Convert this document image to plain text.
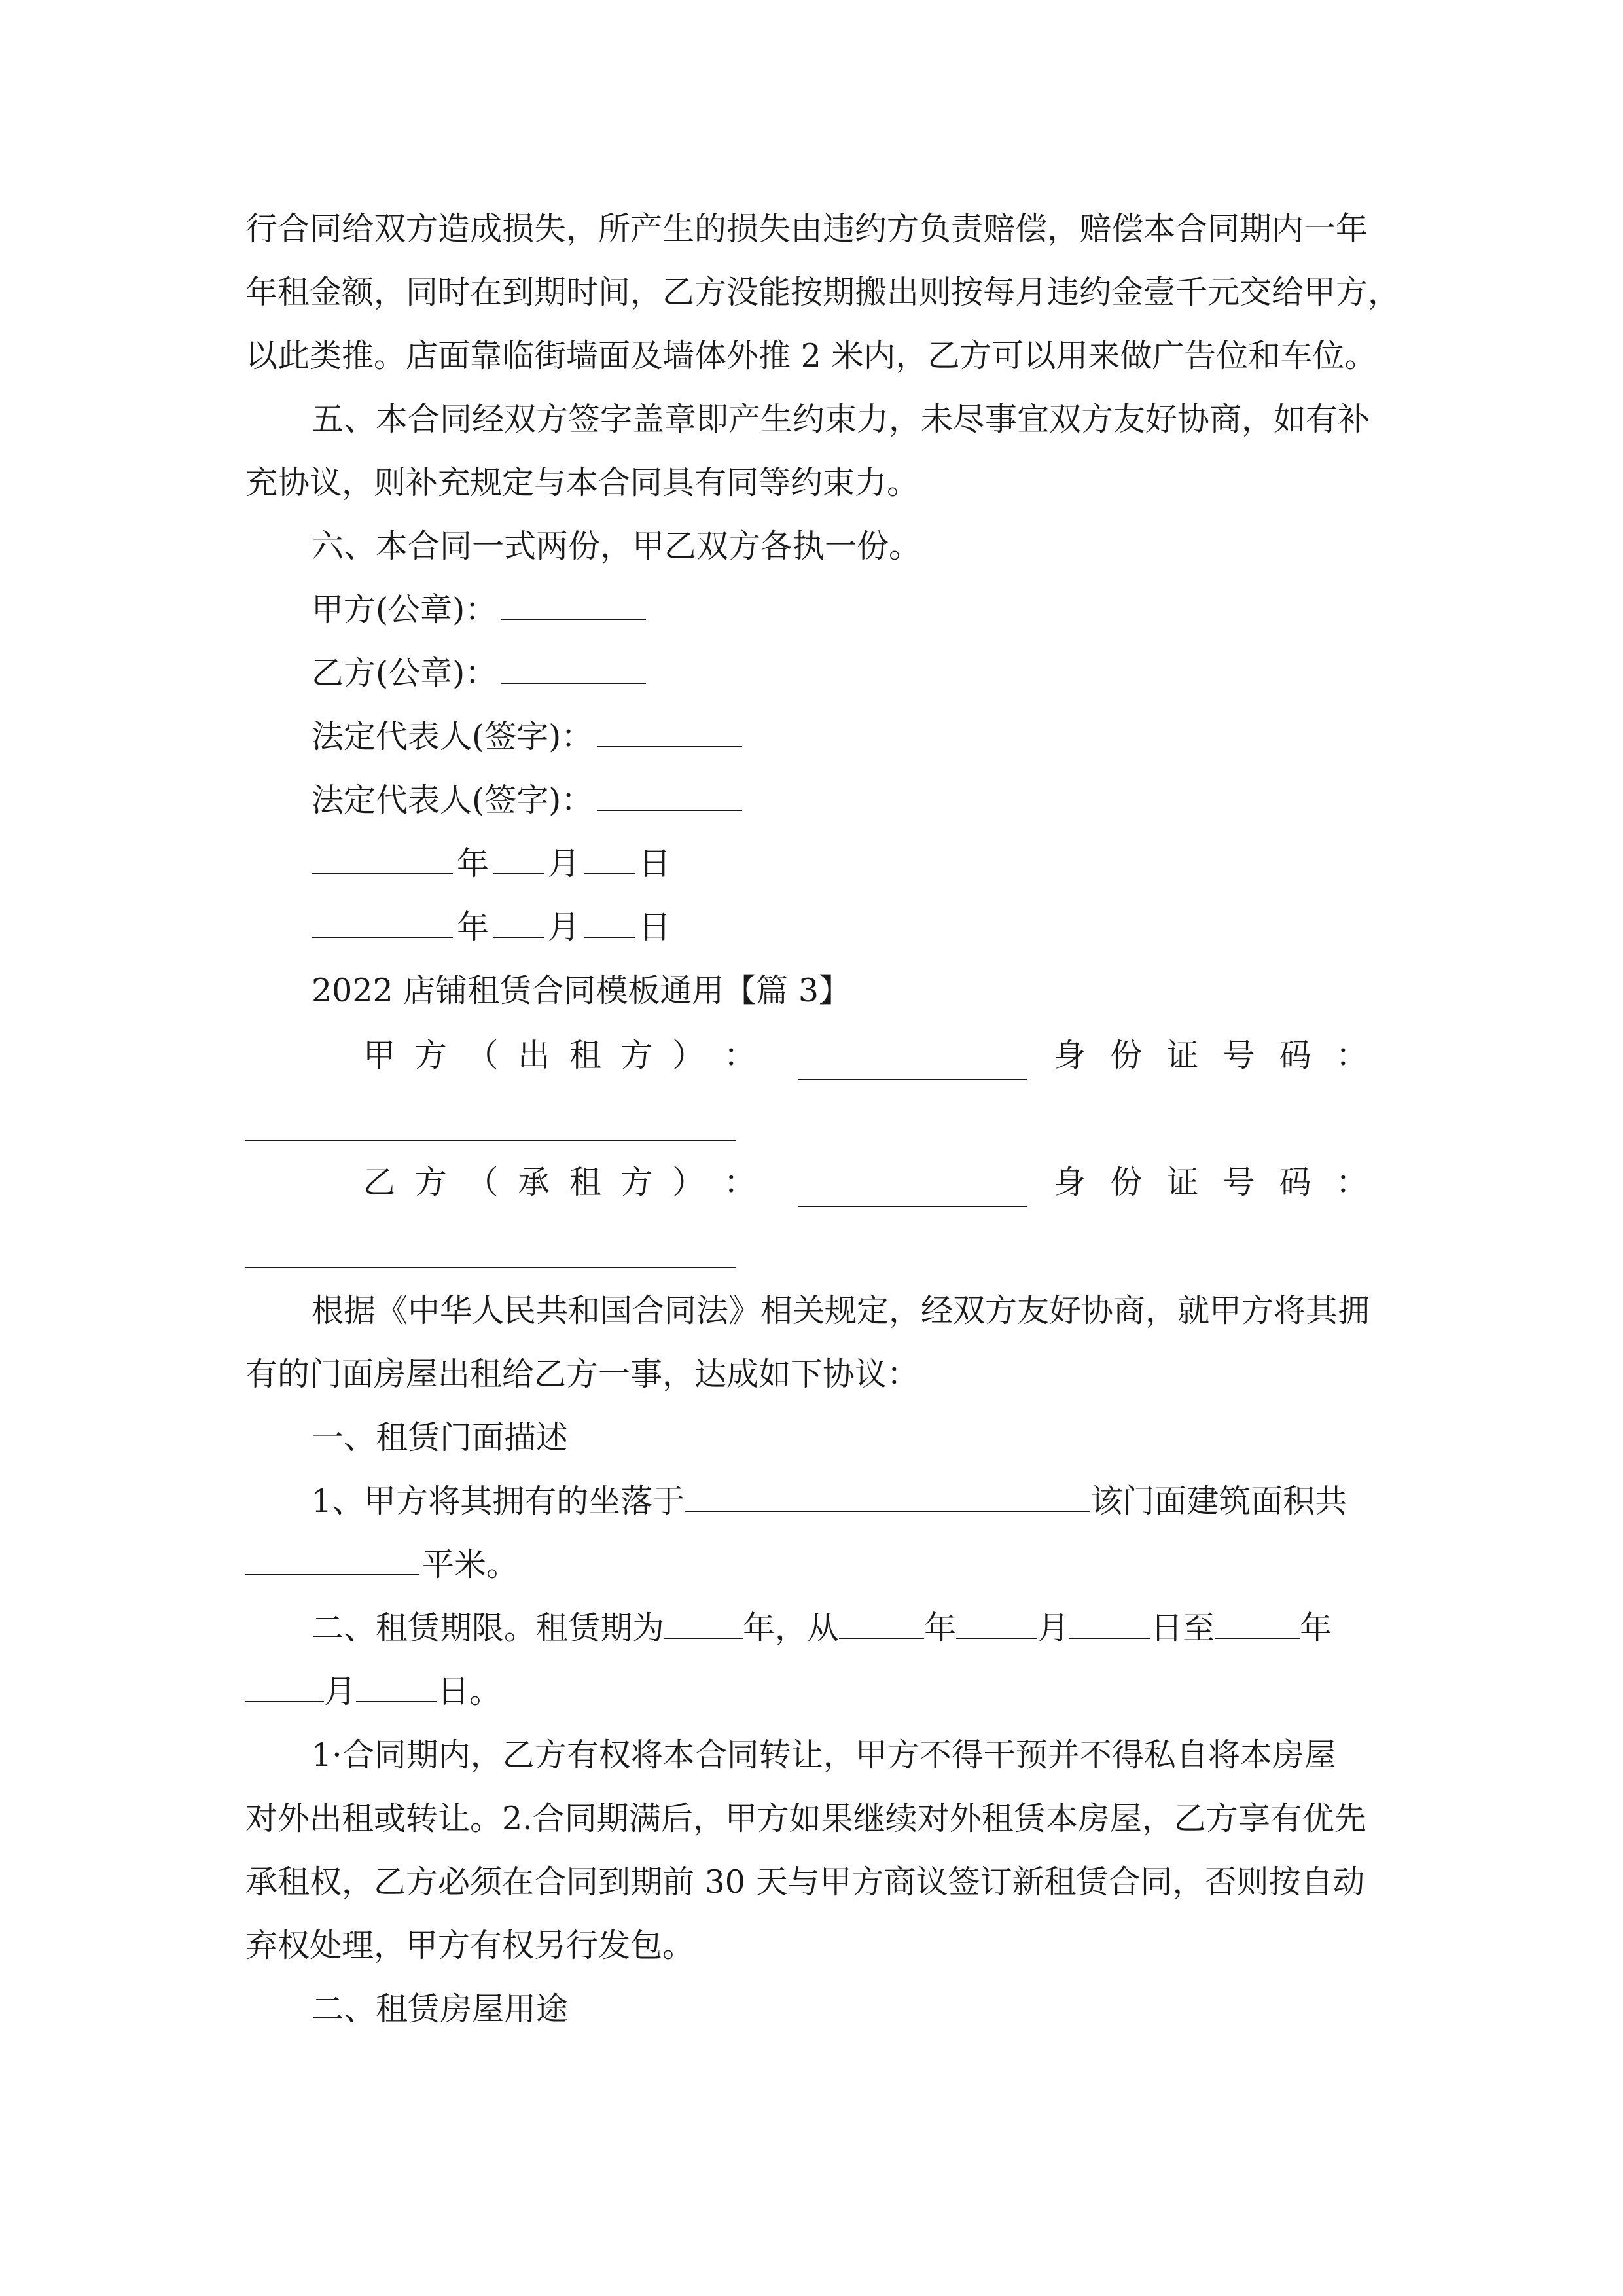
行合同给双方造成损失，所产生的损失由违约方负责赔偿，赔偿本合同期内一年
年租金额，同时在到期时间，乙方没能按期搬出则按每月违约金壹千元交给甲方，
以此类推。店面靠临街墙面及墙体外推 2 米内，乙方可以用来做广告位和车位。
五、本合同经双方签字盖章即产生约束力，未尽事宜双方友好协商，如有补
充协议，则补充规定与本合同具有同等约束力。
六、本合同一式两份，甲乙双方各执一份。
甲方(公章)：
乙方(公章)：
法定代表人(签字)：
法定代表人(签字)：
年 月 日
年 月 日
2022 店铺租赁合同模板通用【篇 3】
甲 方 （ 出 租 方 ） ：	身 份 证 号 码 ：
乙 方 （ 承 租 方 ） ：	身 份 证 号 码 ：
根据《中华人民共和国合同法》相关规定，经双方友好协商，就甲方将其拥
有的门面房屋出租给乙方一事，达成如下协议：
一、租赁门面描述
1、甲方将其拥有的坐落于	该门面建筑面积共
平米。
二、租赁期限。租赁期为 年，从	年	月	日至	年
月	日。
1·合同期内，乙方有权将本合同转让，甲方不得干预并不得私自将本房屋
对外出租或转让。2.合同期满后，甲方如果继续对外租赁本房屋，乙方享有优先
承租权，乙方必须在合同到期前 30 天与甲方商议签订新租赁合同，否则按自动
弃权处理，甲方有权另行发包。
二、租赁房屋用途
